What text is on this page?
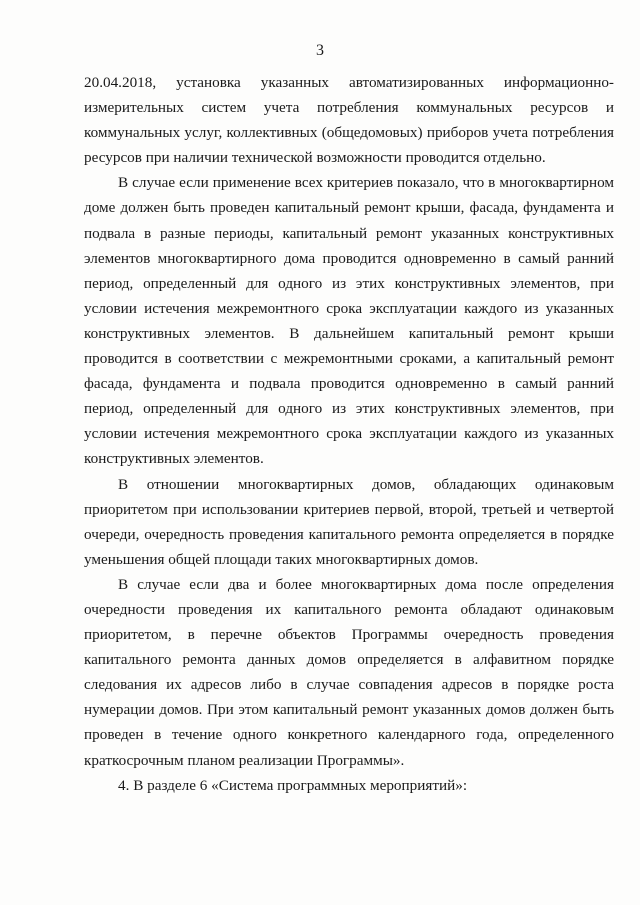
3

20.04.2018, установка указанных автоматизированных информационно-измерительных систем учета потребления коммунальных ресурсов и коммунальных услуг, коллективных (общедомовых) приборов учета потребления ресурсов при наличии технической возможности проводится отдельно.

В случае если применение всех критериев показало, что в многоквартирном доме должен быть проведен капитальный ремонт крыши, фасада, фундамента и подвала в разные периоды, капитальный ремонт указанных конструктивных элементов многоквартирного дома проводится одновременно в самый ранний период, определенный для одного из этих конструктивных элементов, при условии истечения межремонтного срока эксплуатации каждого из указанных конструктивных элементов. В дальнейшем капитальный ремонт крыши проводится в соответствии с межремонтными сроками, а капитальный ремонт фасада, фундамента и подвала проводится одновременно в самый ранний период, определенный для одного из этих конструктивных элементов, при условии истечения межремонтного срока эксплуатации каждого из указанных конструктивных элементов.

В отношении многоквартирных домов, обладающих одинаковым приоритетом при использовании критериев первой, второй, третьей и четвертой очереди, очередность проведения капитального ремонта определяется в порядке уменьшения общей площади таких многоквартирных домов.

В случае если два и более многоквартирных дома после определения очередности проведения их капитального ремонта обладают одинаковым приоритетом, в перечне объектов Программы очередность проведения капитального ремонта данных домов определяется в алфавитном порядке следования их адресов либо в случае совпадения адресов в порядке роста нумерации домов. При этом капитальный ремонт указанных домов должен быть проведен в течение одного конкретного календарного года, определенного краткосрочным планом реализации Программы».

4. В разделе 6 «Система программных мероприятий»:
